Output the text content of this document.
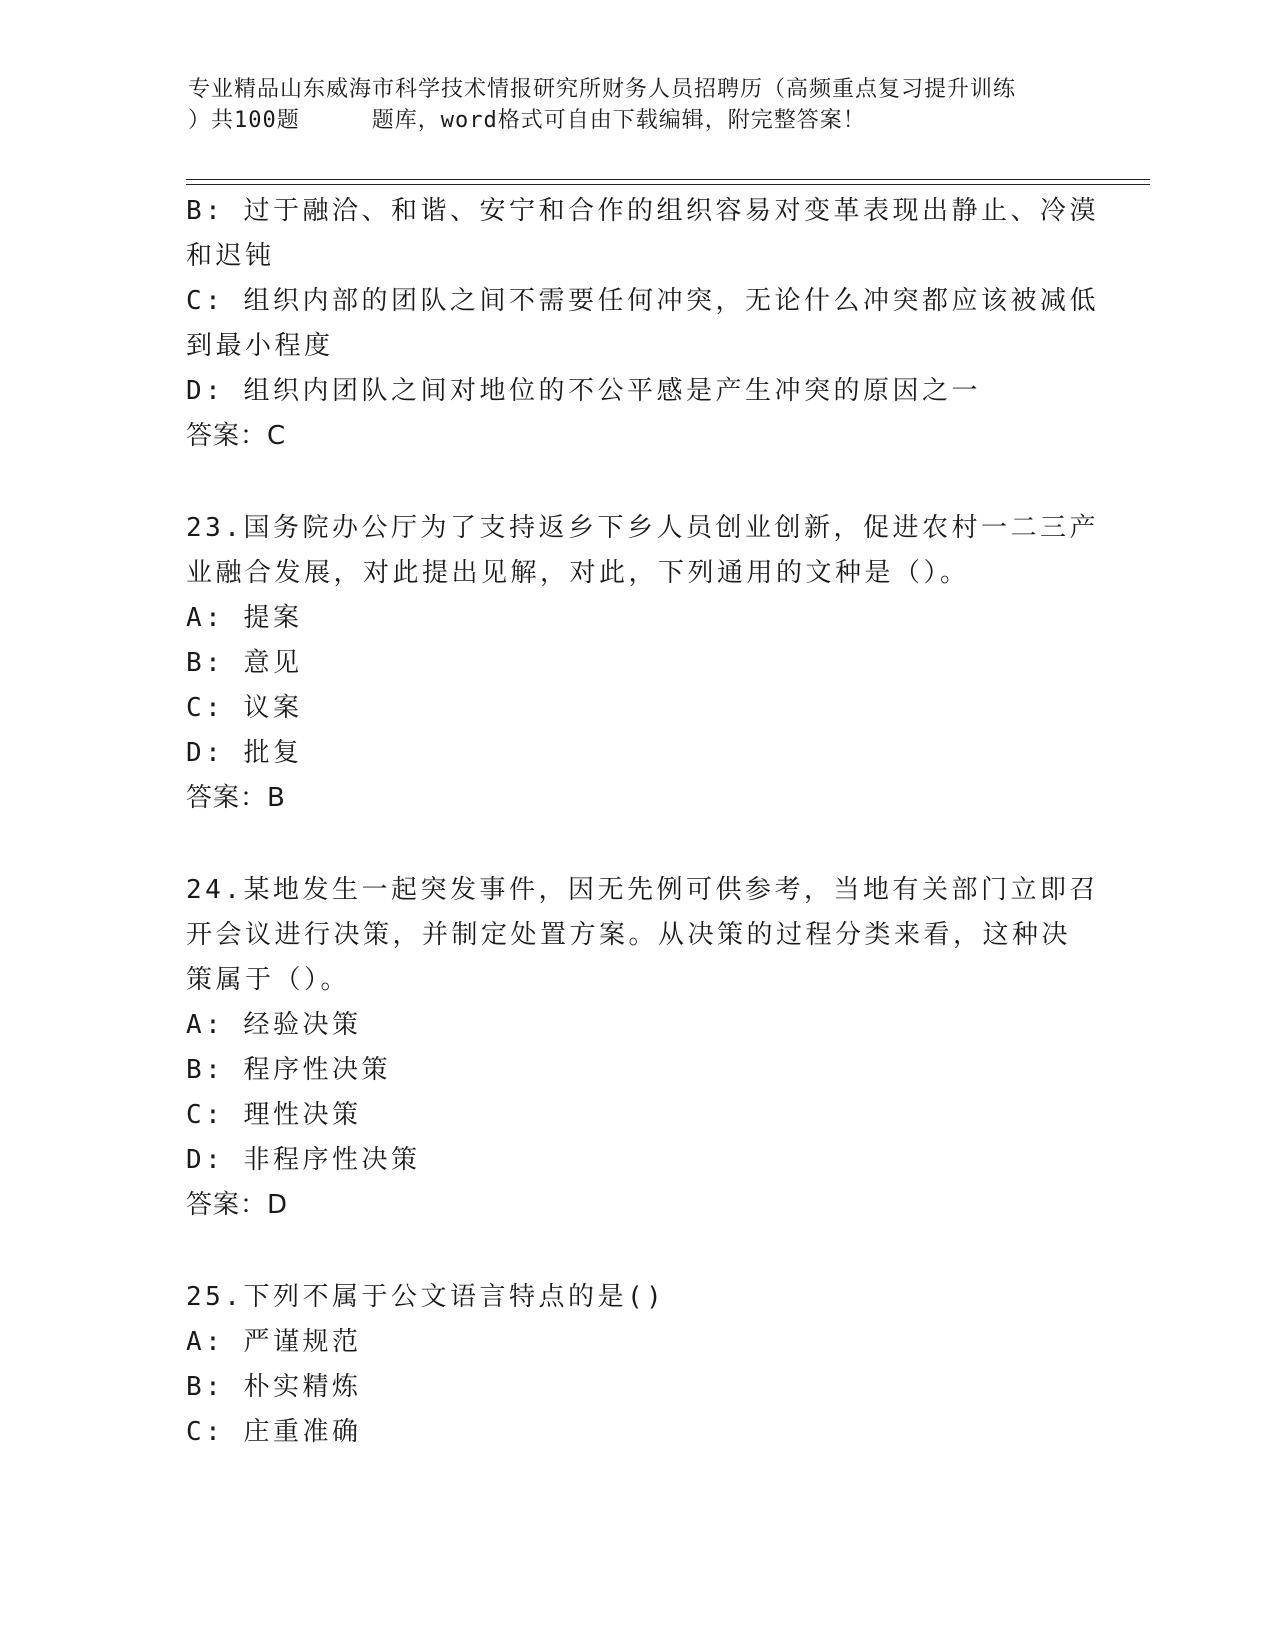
专业精品山东威海市科学技术情报研究所财务人员招聘历（高频重点复习提升训练
）共100题	题库，word格式可自由下载编辑，附完整答案！
B: 过于融洽、和谐、安宁和合作的组织容易对变革表现出静止、冷漠
和迟钝
C: 组织内部的团队之间不需要任何冲突，无论什么冲突都应该被减低
到最小程度
D: 组织内团队之间对地位的不公平感是产生冲突的原因之一
答案：C
23.国务院办公厅为了支持返乡下乡人员创业创新，促进农村一二三产
业融合发展，对此提出见解，对此，下列通用的文种是（）。
A: 提案
B: 意见
C: 议案
D: 批复
答案：B
24.某地发生一起突发事件，因无先例可供参考，当地有关部门立即召
开会议进行决策，并制定处置方案。从决策的过程分类来看，这种决
策属于（）。
A: 经验决策
B: 程序性决策
C: 理性决策
D: 非程序性决策
答案：D
25.下列不属于公文语言特点的是()
A: 严谨规范
B: 朴实精炼
C: 庄重准确
